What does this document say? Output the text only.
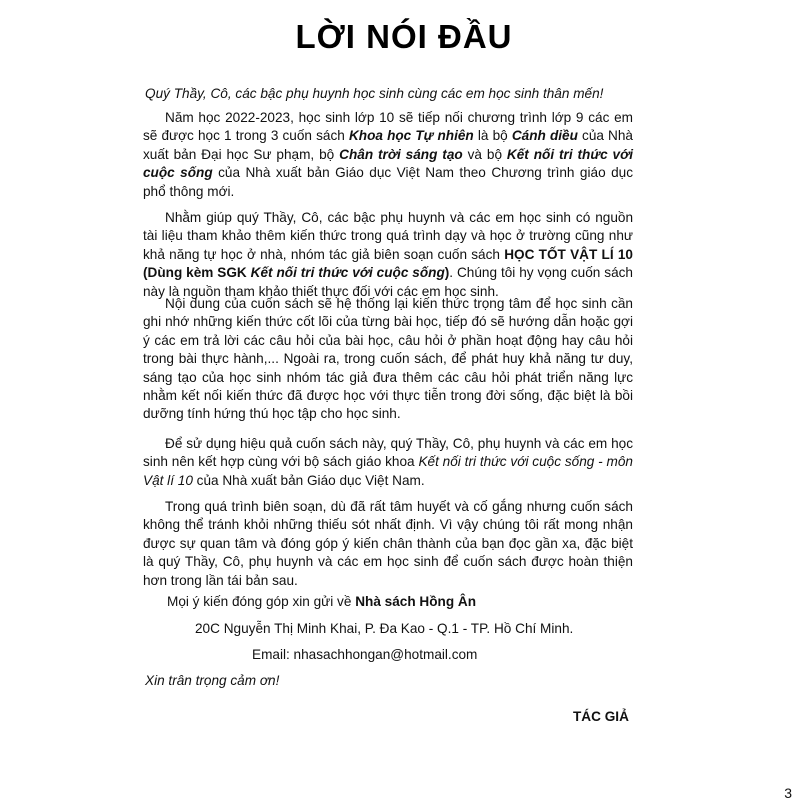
LỜI NÓI ĐẦU
Quý Thầy, Cô, các bậc phụ huynh học sinh cùng các em học sinh thân mến!

Năm học 2022-2023, học sinh lớp 10 sẽ tiếp nối chương trình lớp 9 các em sẽ được học 1 trong 3 cuốn sách Khoa học Tự nhiên là bộ Cánh diều của Nhà xuất bản Đại học Sư phạm, bộ Chân trời sáng tạo và bộ Kết nối tri thức với cuộc sống của Nhà xuất bản Giáo dục Việt Nam theo Chương trình giáo dục phổ thông mới.

Nhằm giúp quý Thầy, Cô, các bậc phụ huynh và các em học sinh có nguồn tài liệu tham khảo thêm kiến thức trong quá trình dạy và học ở trường cũng như khả năng tự học ở nhà, nhóm tác giả biên soạn cuốn sách HỌC TỐT VẬT LÍ 10 (Dùng kèm SGK Kết nối tri thức với cuộc sống). Chúng tôi hy vọng cuốn sách này là nguồn tham khảo thiết thực đối với các em học sinh.

Nội dung của cuốn sách sẽ hệ thống lại kiến thức trọng tâm để học sinh cần ghi nhớ những kiến thức cốt lõi của từng bài học, tiếp đó sẽ hướng dẫn hoặc gợi ý các em trả lời các câu hỏi của bài học, câu hỏi ở phần hoạt động hay câu hỏi trong bài thực hành,... Ngoài ra, trong cuốn sách, để phát huy khả năng tư duy, sáng tạo của học sinh nhóm tác giả đưa thêm các câu hỏi phát triển năng lực nhằm kết nối kiến thức đã được học với thực tiễn trong đời sống, đặc biệt là bồi dưỡng tính hứng thú học tập cho học sinh.

Để sử dụng hiệu quả cuốn sách này, quý Thầy, Cô, phụ huynh và các em học sinh nên kết hợp cùng với bộ sách giáo khoa Kết nối tri thức với cuộc sống - môn Vật lí 10 của Nhà xuất bản Giáo dục Việt Nam.

Trong quá trình biên soạn, dù đã rất tâm huyết và cố gắng nhưng cuốn sách không thể tránh khỏi những thiếu sót nhất định. Vì vậy chúng tôi rất mong nhận được sự quan tâm và đóng góp ý kiến chân thành của bạn đọc gần xa, đặc biệt là quý Thầy, Cô, phụ huynh và các em học sinh để cuốn sách được hoàn thiện hơn trong lần tái bản sau.

Mọi ý kiến đóng góp xin gửi về Nhà sách Hồng Ân
20C Nguyễn Thị Minh Khai, P. Đa Kao - Q.1 - TP. Hồ Chí Minh.
Email: nhasachhongan@hotmail.com
Xin trân trọng cảm ơn!
TÁC GIẢ
3
